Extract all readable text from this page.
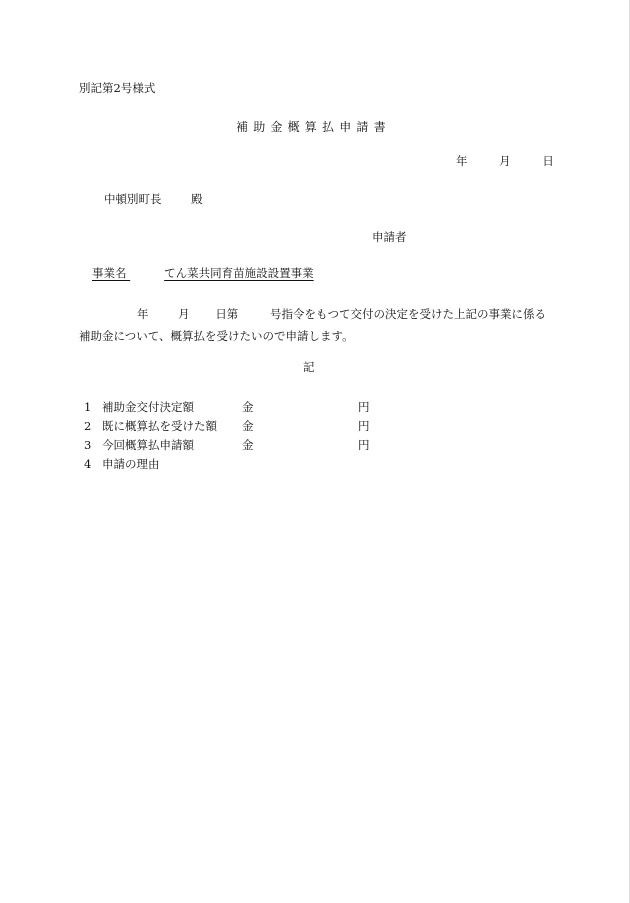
別記第2号様式
補助金概算払申請書
年	月	日
中頓別町長	殿
申請者
事業名	てん菜共同育苗施設設置事業
年	月 日第	号指令をもつて交付の決定を受けた上記の事業に係る
補助金について、概算払を受けたいので申請します。
記
1 補助金交付決定額	金	円
2 既に概算払を受けた額 金	円
3 今回概算払申請額	金	円
4 申請の理由
